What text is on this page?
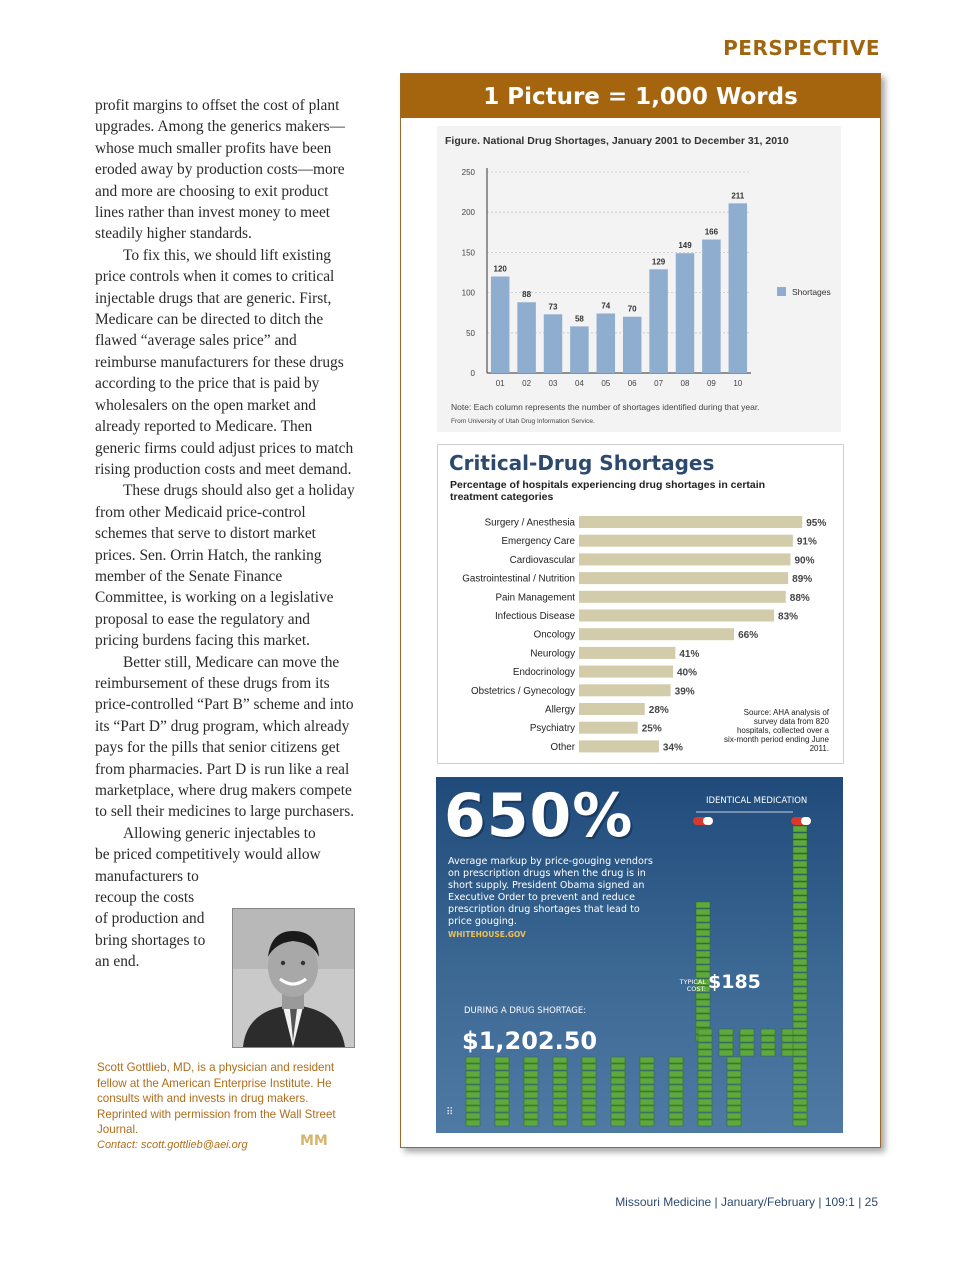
PERSPECTIVE

profit margins to offset the cost of plant upgrades. Among the generics makers—whose much smaller profits have been eroded away by production costs—more and more are choosing to exit product lines rather than invest money to meet steadily higher standards.

To fix this, we should lift existing price controls when it comes to critical injectable drugs that are generic. First, Medicare can be directed to ditch the flawed “average sales price” and reimburse manufacturers for these drugs according to the price that is paid by wholesalers on the open market and already reported to Medicare. Then generic firms could adjust prices to match rising production costs and meet demand.

These drugs should also get a holiday from other Medicaid price-control schemes that serve to distort market prices. Sen. Orrin Hatch, the ranking member of the Senate Finance Committee, is working on a legislative proposal to ease the regulatory and pricing burdens facing this market.

Better still, Medicare can move the reimbursement of these drugs from its price-controlled “Part B” scheme and into its “Part D” drug program, which already pays for the pills that senior citizens get from pharmacies. Part D is run like a real marketplace, where drug makers compete to sell their medicines to large purchasers.

Allowing generic injectables to

be priced competitively would allow

manufacturers to

recoup the costs

of production and

bring shortages to

an end.

Scott Gottlieb, MD, is a physician and resident fellow at the American Enterprise Institute. He consults with and invests in drug makers. Reprinted with permission from the Wall Street Journal.
Contact: scott.gottlieb@aei.org	MM
1 Picture = 1,000 Words
Figure. National Drug Shortages, January 2001 to December 31, 2010
0
50
100
150
200
250
120
01
88
02
73
03
58
04
74
05
70
06
129
07
149
08
166
09
211
10
Shortages
Note: Each column represents the number of shortages identified during that year.
From University of Utah Drug Information Service.
Critical-Drug Shortages
Percentage of hospitals experiencing drug shortages in certain treatment categories
Surgery / Anesthesia	95%
Emergency Care	91%
Cardiovascular	90%
Gastrointestinal / Nutrition	89%
Pain Management	88%
Infectious Disease	83%
Oncology	66%
Neurology	41%
Endocrinology	40%
Obstetrics / Gynecology	39%
Allergy	28%
Psychiatry	25%
Other	34%
Source: AHA analysis of survey data from 820 hospitals, collected over a six-month period ending June 2011.
⠿
650%
Average markup by price-gouging vendors on prescription drugs when the drug is in short supply. President Obama signed an Executive Order to prevent and reduce prescription drug shortages that lead to price gouging.
WHITEHOUSE.GOV
IDENTICAL MEDICATION
TYPICAL COST: $185
DURING A DRUG SHORTAGE:
$1,202.50
Missouri Medicine | January/February | 109:1 | 25
